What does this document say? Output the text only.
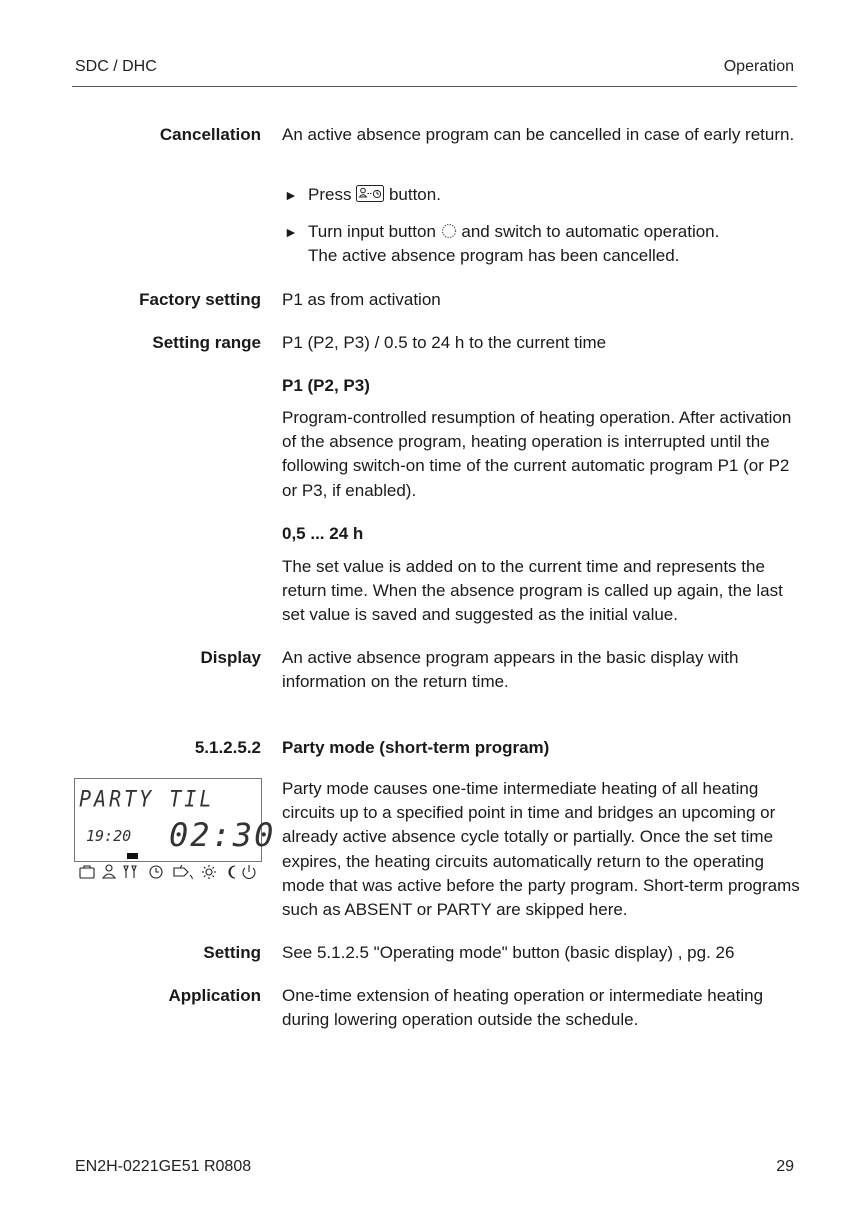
SDC / DHC	Operation
Cancellation An active absence program can be cancelled in case of early return.
► Press button.
► Turn input button and switch to automatic operation.
The active absence program has been cancelled.
Factory setting P1 as from activation
Setting range P1 (P2, P3) / 0.5 to 24 h to the current time
P1 (P2, P3)
Program-controlled resumption of heating operation. After activation of the absence program, heating operation is interrupted until the following switch-on time of the current automatic program P1 (or P2 or P3, if enabled).
0,5 ... 24 h
The set value is added on to the current time and represents the return time. When the absence program is called up again, the last set value is saved and suggested as the initial value.
Display An active absence program appears in the basic display with information on the return time.
5.1.2.5.2 Party mode (short-term program)
Party mode causes one-time intermediate heating of all heating circuits up to a specified point in time and bridges an upcoming or already active absence cycle totally or partially. Once the set time expires, the heating circuits automatically return to the operating mode that was active before the party program. Short-term programs such as ABSENT or PARTY are skipped here.
PARTY TIL
19:20 02:30
Setting See 5.1.2.5 "Operating mode" button (basic display) , pg. 26
Application One-time extension of heating operation or intermediate heating during lowering operation outside the schedule.
EN2H-0221GE51 R0808	29
